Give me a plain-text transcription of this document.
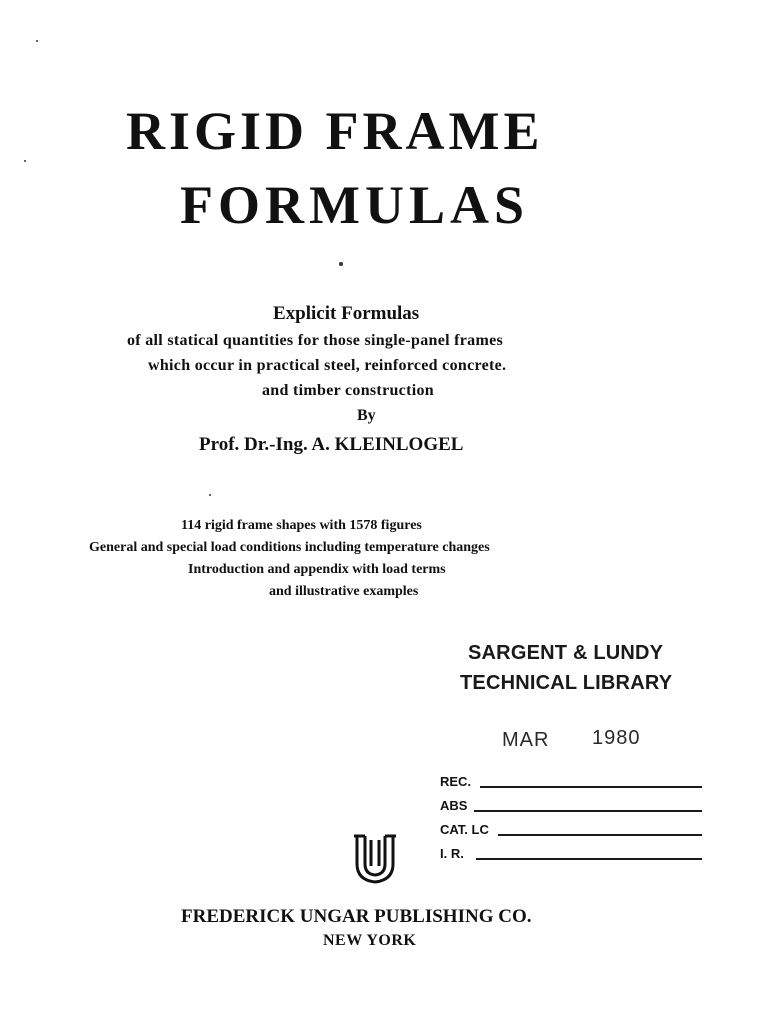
RIGID FRAME
FORMULAS
Explicit Formulas
of all statical quantities for those single-panel frames
which occur in practical steel, reinforced concrete.
and timber construction
By
Prof. Dr.-Ing. A. KLEINLOGEL
114 rigid frame shapes with 1578 figures
General and special load conditions including temperature changes
Introduction and appendix with load terms
and illustrative examples
SARGENT & LUNDY
TECHNICAL LIBRARY
MAR 1980
REC.
ABS
CAT. LC
I. R.
FREDERICK UNGAR PUBLISHING CO.
NEW YORK
